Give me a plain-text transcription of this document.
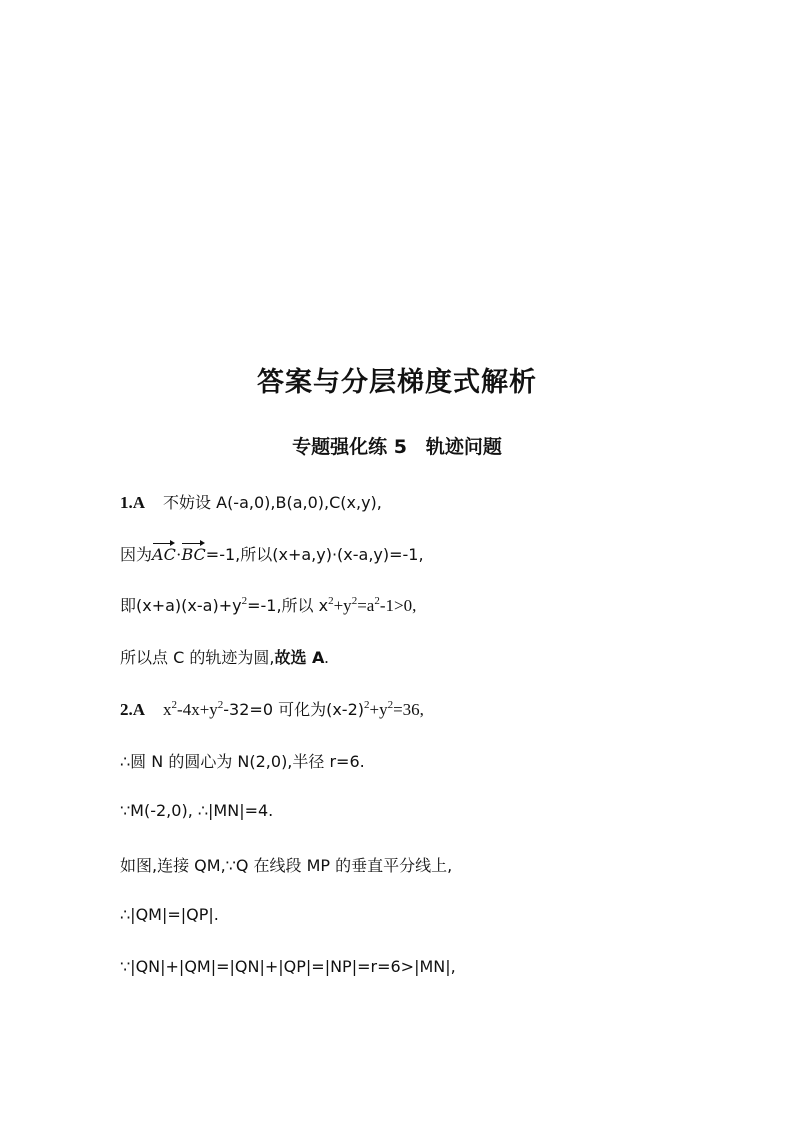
答案与分层梯度式解析
专题强化练 5　轨迹问题
1.A 不妨设 A(-a,0),B(a,0),C(x,y),
因为AC·BC=-1,所以(x+a,y)·(x-a,y)=-1,
即$(x+a)(x-a)+y^2=-1$,所以 $x^2+y^2=a^2-1>0$,
所以点 C 的轨迹为圆,故选 A.
2.A $x^2-4x+y^2-32=0$ 可化为$(x-2)^2+y^2=36$,
∴圆 N 的圆心为 N(2,0),半径 r=6.
∵M(-2,0), ∴|MN|=4.
如图,连接 QM,∵Q 在线段 MP 的垂直平分线上,
∴|QM|=|QP|.
∵|QN|+|QM|=|QN|+|QP|=|NP|=r=6>|MN|,
